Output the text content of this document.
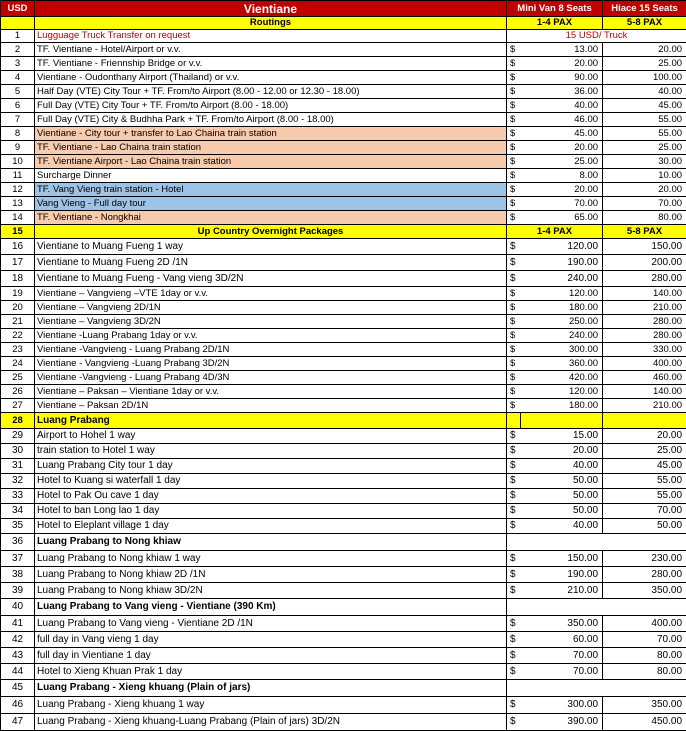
USD	Vientiane	Mini Van 8 Seats		Hiace 15 Seats
	Routings	1-4 PAX		5-8 PAX
1	Lugguage Truck Transfer on request	15 USD/ Truck		
2	TF. Vientiane - Hotel/Airport or v.v.	$	13.00	20.00
3	TF. Vientiane - Friennship Bridge or v.v.	$	20.00	25.00
4	Vientiane - Oudonthany Airport (Thailand) or v.v.	$	90.00	100.00
5	Half Day (VTE) City Tour + TF. From/to Airport (8.00 - 12.00 or 12.30 - 18.00)	$	36.00	40.00
6	Full Day (VTE) City Tour + TF. From/to Airport (8.00 - 18.00)	$	40.00	45.00
7	Full Day (VTE) City & Budhha Park + TF. From/to Airport (8.00 - 18.00)	$	46.00	55.00
8	Vientiane - City tour + transfer to Lao Chaina train station	$	45.00	55.00
9	TF. Vientiane - Lao Chaina train station	$	20.00	25.00
10	TF. Vientiane Airport - Lao Chaina train station	$	25.00	30.00
11	Surcharge Dinner	$	8.00	10.00
12	TF. Vang Vieng train station - Hotel	$	20.00	20.00
13	Vang Vieng - Full day tour	$	70.00	70.00
14	TF. Vientiane - Nongkhai	$	65.00	80.00
15	Up Country Overnight Packages	1-4 PAX		5-8 PAX
16	Vientiane to Muang Fueng 1 way	$	120.00	150.00
17	Vientiane to Muang Fueng 2D /1N	$	190.00	200.00
18	Vientiane to Muang Fueng - Vang vieng 3D/2N	$	240.00	280.00
19	Vientiane – Vangvieng –VTE 1day or v.v.	$	120.00	140.00
20	Vientiane – Vangvieng 2D/1N	$	180.00	210.00
21	Vientiane – Vangvieng 3D/2N	$	250.00	280.00
22	Vientiane -Luang Prabang 1day or v.v.	$	240.00	280.00
23	Vientiane -Vangvieng - Luang Prabang 2D/1N	$	300.00	330.00
24	Vientiane - Vangvieng -Luang Prabang 3D/2N	$	360.00	400.00
25	Vientiane -Vangvieng - Luang Prabang 4D/3N	$	420.00	460.00
26	Vientiane – Paksan – Vientiane 1day or v.v.	$	120.00	140.00
27	Vientiane – Paksan 2D/1N	$	180.00	210.00
28	Luang Prabang			
29	Airport to Hohel 1 way	$	15.00	20.00
30	train station to Hotel 1 way	$	20.00	25.00
31	Luang Prabang City tour 1 day	$	40.00	45.00
32	Hotel to Kuang si waterfall 1 day	$	50.00	55.00
33	Hotel to Pak Ou cave 1 day	$	50.00	55.00
34	Hotel to ban Long lao 1 day	$	50.00	70.00
35	Hotel to Eleplant village 1 day	$	40.00	50.00
36	Luang Prabang to Nong khiaw			
37	Luang Prabang to Nong khiaw 1 way	$	150.00	230.00
38	Luang Prabang to Nong khiaw 2D /1N	$	190.00	280.00
39	Luang Prabang to Nong khiaw 3D/2N	$	210.00	350.00
40	Luang Prabang to Vang vieng - Vientiane (390 Km)			
41	Luang Prabang to Vang vieng - Vientiane 2D /1N	$	350.00	400.00
42	full day in Vang vieng 1 day	$	60.00	70.00
43	full day in Vientiane 1 day	$	70.00	80.00
44	Hotel to Xieng Khuan Prak 1 day	$	70.00	80.00
45	Luang Prabang - Xieng khuang (Plain of jars)			
46	Luang Prabang - Xieng khuang 1 way	$	300.00	350.00
47	Luang Prabang - Xieng khuang-Luang Prabang (Plain of jars) 3D/2N	$	390.00	450.00
